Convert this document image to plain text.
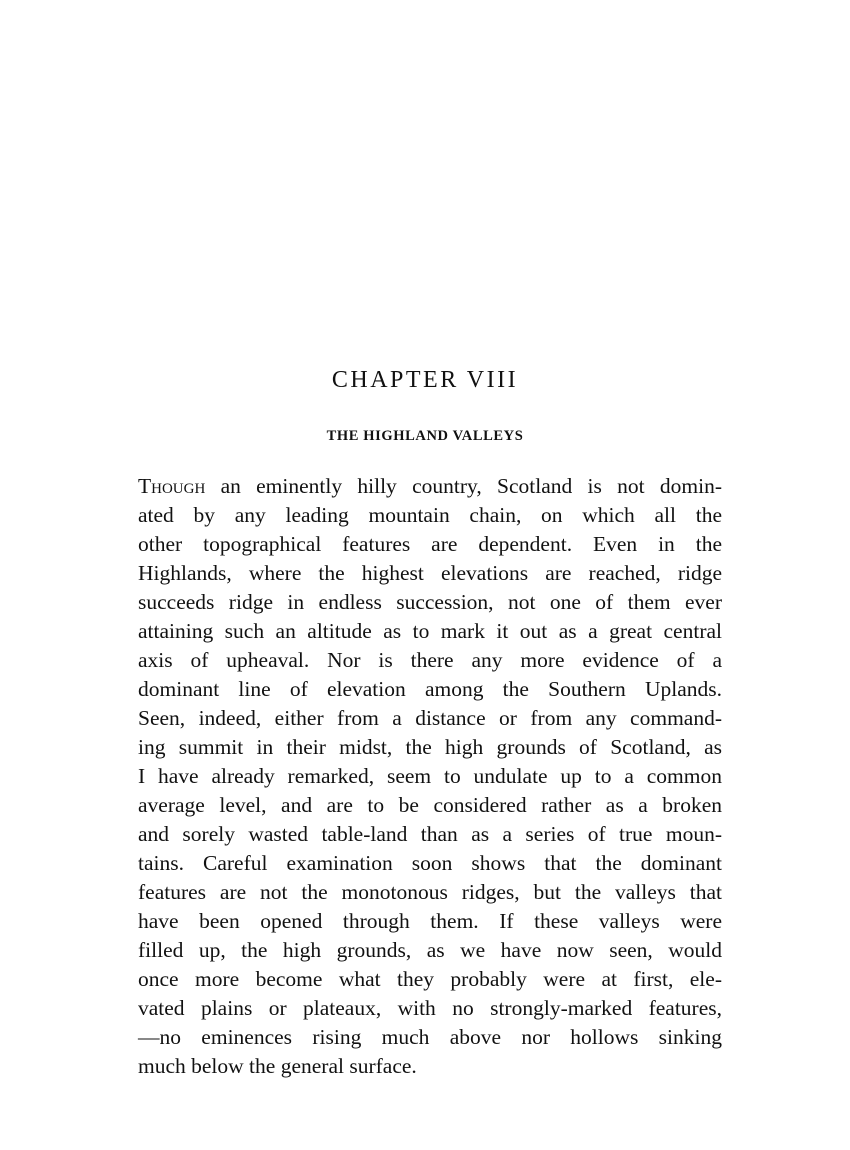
CHAPTER VIII
THE HIGHLAND VALLEYS
Though an eminently hilly country, Scotland is not domin-
ated by any leading mountain chain, on which all the
other topographical features are dependent. Even in the
Highlands, where the highest elevations are reached, ridge
succeeds ridge in endless succession, not one of them ever
attaining such an altitude as to mark it out as a great central
axis of upheaval. Nor is there any more evidence of a
dominant line of elevation among the Southern Uplands.
Seen, indeed, either from a distance or from any command-
ing summit in their midst, the high grounds of Scotland, as
I have already remarked, seem to undulate up to a common
average level, and are to be considered rather as a broken
and sorely wasted table-land than as a series of true moun-
tains. Careful examination soon shows that the dominant
features are not the monotonous ridges, but the valleys that
have been opened through them. If these valleys were
filled up, the high grounds, as we have now seen, would
once more become what they probably were at first, ele-
vated plains or plateaux, with no strongly-marked features,
—no eminences rising much above nor hollows sinking
much below the general surface.
